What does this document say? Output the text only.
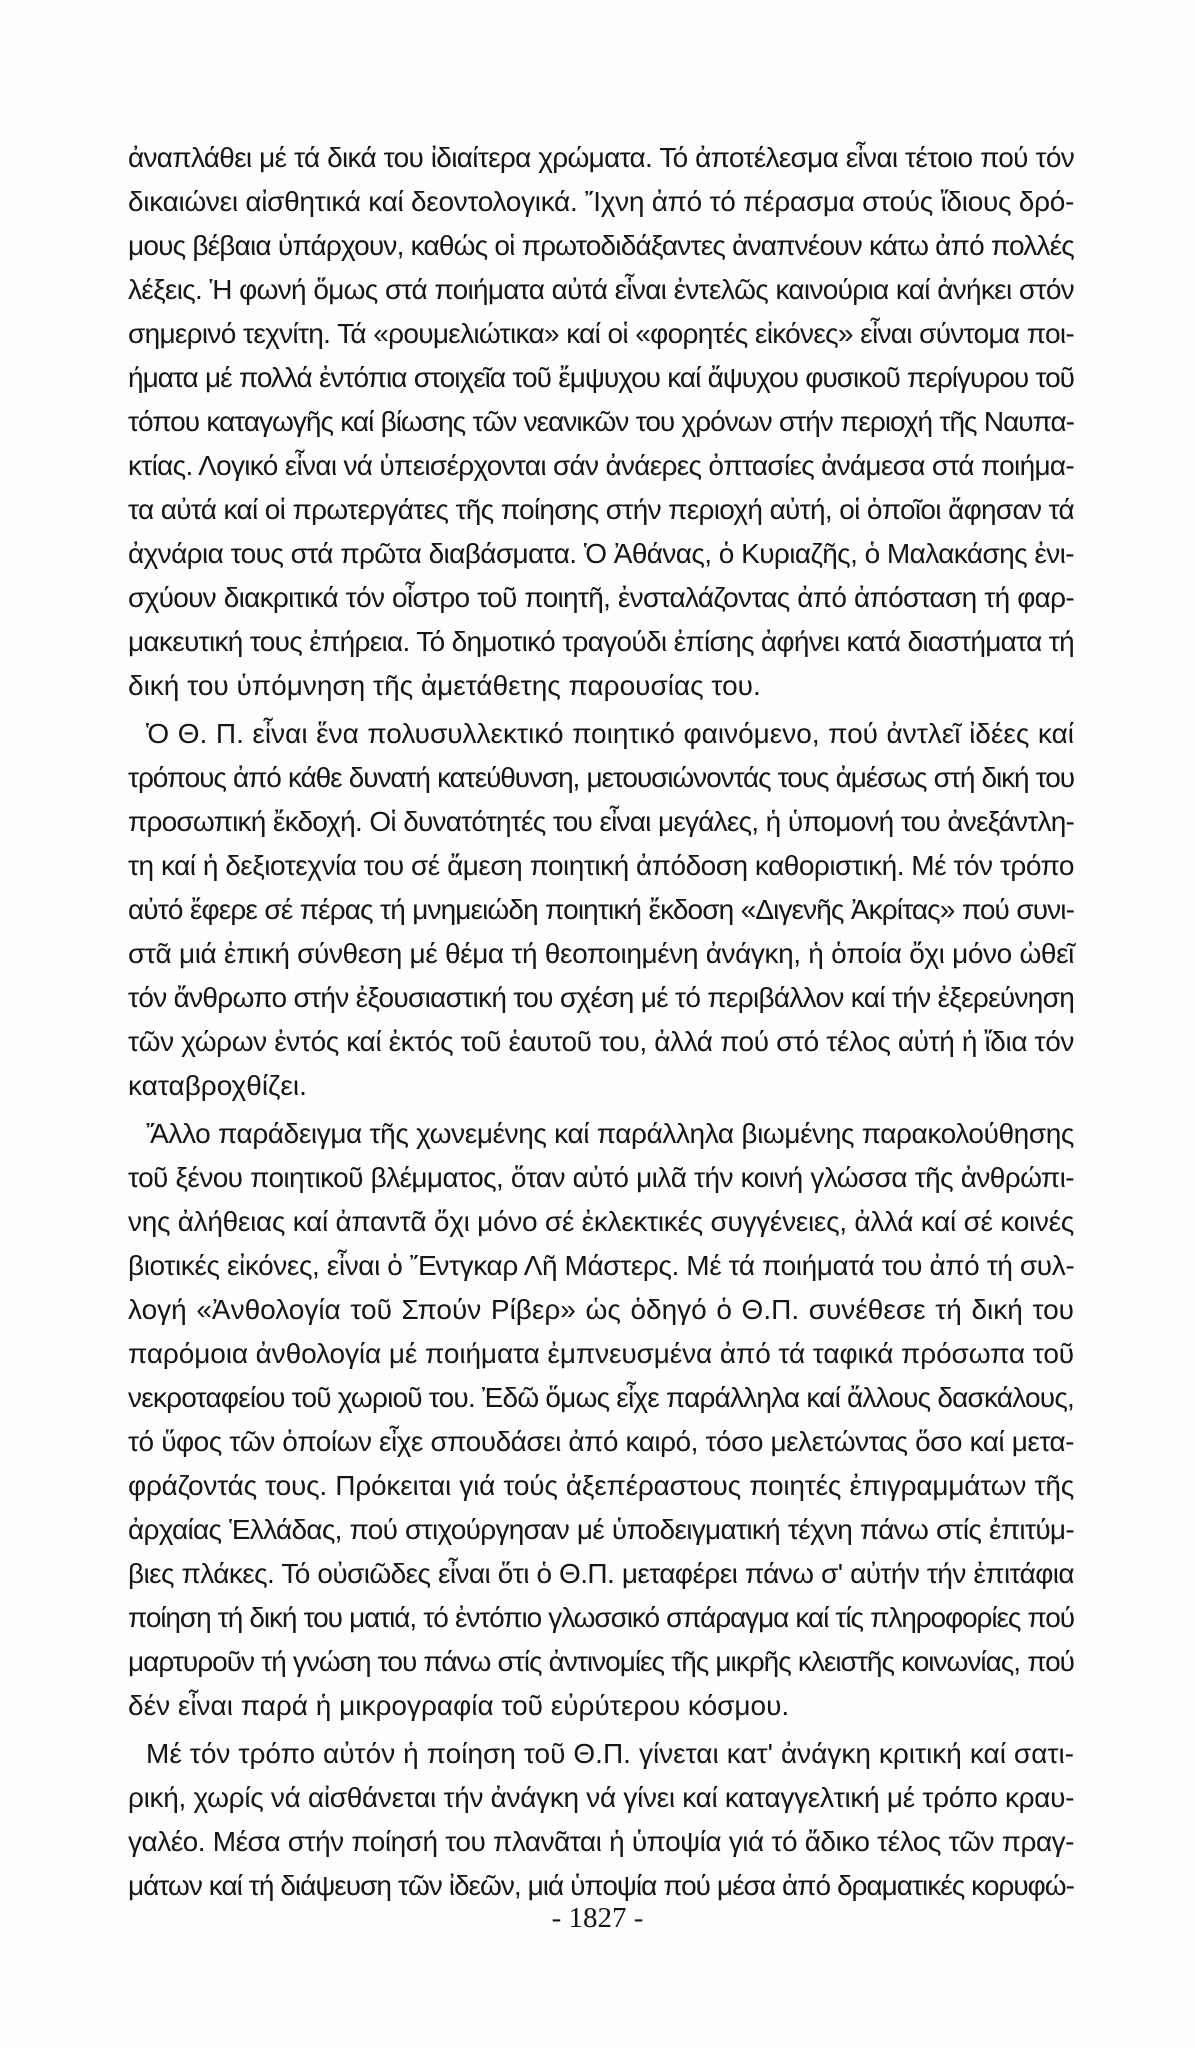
ἀναπλάθει μέ τά δικά του ἰδιαίτερα χρώματα. Τό ἀποτέλεσμα εἶναι τέτοιο πού τόν
δικαιώνει αἰσθητικά καί δεοντολογικά. Ἴχνη ἀπό τό πέρασμα στούς ἴδιους δρό-
μους βέβαια ὑπάρχουν, καθώς οἱ πρωτοδιδάξαντες ἀναπνέουν κάτω ἀπό πολλές
λέξεις. Ἡ φωνή ὅμως στά ποιήματα αὐτά εἶναι ἐντελῶς καινούρια καί ἀνήκει στόν
σημερινό τεχνίτη. Τά «ρουμελιώτικα» καί οἱ «φορητές εἰκόνες» εἶναι σύντομα ποι-
ήματα μέ πολλά ἐντόπια στοιχεῖα τοῦ ἔμψυχου καί ἄψυχου φυσικοῦ περίγυρου τοῦ
τόπου καταγωγῆς καί βίωσης τῶν νεανικῶν του χρόνων στήν περιοχή τῆς Ναυπα-
κτίας. Λογικό εἶναι νά ὑπεισέρχονται σάν ἀνάερες ὀπτασίες ἀνάμεσα στά ποιήμα-
τα αὐτά καί οἱ πρωτεργάτες τῆς ποίησης στήν περιοχή αὐτή, οἱ ὁποῖοι ἄφησαν τά
ἀχνάρια τους στά πρῶτα διαβάσματα. Ὁ Ἀθάνας, ὁ Κυριαζῆς, ὁ Μαλακάσης ἐνι-
σχύουν διακριτικά τόν οἶστρο τοῦ ποιητῆ, ἐνσταλάζοντας ἀπό ἀπόσταση τή φαρ-
μακευτική τους ἐπήρεια. Τό δημοτικό τραγούδι ἐπίσης ἀφήνει κατά διαστήματα τή
δική του ὑπόμνηση τῆς ἀμετάθετης παρουσίας του.
Ὁ Θ. Π. εἶναι ἕνα πολυσυλλεκτικό ποιητικό φαινόμενο, πού ἀντλεῖ ἰδέες καί
τρόπους ἀπό κάθε δυνατή κατεύθυνση, μετουσιώνοντάς τους ἀμέσως στή δική του
προσωπική ἔκδοχή. Οἱ δυνατότητές του εἶναι μεγάλες, ἡ ὑπομονή του ἀνεξάντλη-
τη καί ἡ δεξιοτεχνία του σέ ἄμεση ποιητική ἀπόδοση καθοριστική. Μέ τόν τρόπο
αὐτό ἔφερε σέ πέρας τή μνημειώδη ποιητική ἔκδοση «Διγενῆς Ἀκρίτας» πού συνι-
στᾶ μιά ἐπική σύνθεση μέ θέμα τή θεοποιημένη ἀνάγκη, ἡ ὁποία ὄχι μόνο ὠθεῖ
τόν ἄνθρωπο στήν ἐξουσιαστική του σχέση μέ τό περιβάλλον καί τήν ἐξερεύνηση
τῶν χώρων ἐντός καί ἐκτός τοῦ ἑαυτοῦ του, ἀλλά πού στό τέλος αὐτή ἡ ἴδια τόν
καταβροχθίζει.
Ἄλλο παράδειγμα τῆς χωνεμένης καί παράλληλα βιωμένης παρακολούθησης
τοῦ ξένου ποιητικοῦ βλέμματος, ὅταν αὐτό μιλᾶ τήν κοινή γλώσσα τῆς ἀνθρώπι-
νης ἀλήθειας καί ἀπαντᾶ ὄχι μόνο σέ ἐκλεκτικές συγγένειες, ἀλλά καί σέ κοινές
βιοτικές εἰκόνες, εἶναι ὁ Ἔντγκαρ Λῆ Μάστερς. Μέ τά ποιήματά του ἀπό τή συλ-
λογή «Ἀνθολογία τοῦ Σπούν Ρίβερ» ὡς ὁδηγό ὁ Θ.Π. συνέθεσε τή δική του
παρόμοια ἀνθολογία μέ ποιήματα ἐμπνευσμένα ἀπό τά ταφικά πρόσωπα τοῦ
νεκροταφείου τοῦ χωριοῦ του. Ἐδῶ ὅμως εἶχε παράλληλα καί ἄλλους δασκάλους,
τό ὕφος τῶν ὁποίων εἶχε σπουδάσει ἀπό καιρό, τόσο μελετώντας ὅσο καί μετα-
φράζοντάς τους. Πρόκειται γιά τούς ἀξεπέραστους ποιητές ἐπιγραμμάτων τῆς
ἀρχαίας Ἑλλάδας, πού στιχούργησαν μέ ὑποδειγματική τέχνη πάνω στίς ἐπιτύμ-
βιες πλάκες. Τό οὐσιῶδες εἶναι ὅτι ὁ Θ.Π. μεταφέρει πάνω σ' αὐτήν τήν ἐπιτάφια
ποίηση τή δική του ματιά, τό ἐντόπιο γλωσσικό σπάραγμα καί τίς πληροφορίες πού
μαρτυροῦν τή γνώση του πάνω στίς ἀντινομίες τῆς μικρῆς κλειστῆς κοινωνίας, πού
δέν εἶναι παρά ἡ μικρογραφία τοῦ εὐρύτερου κόσμου.
Μέ τόν τρόπο αὐτόν ἡ ποίηση τοῦ Θ.Π. γίνεται κατ' ἀνάγκη κριτική καί σατι-
ρική, χωρίς νά αἰσθάνεται τήν ἀνάγκη νά γίνει καί καταγγελτική μέ τρόπο κραυ-
γαλέο. Μέσα στήν ποίησή του πλανᾶται ἡ ὑποψία γιά τό ἄδικο τέλος τῶν πραγ-
μάτων καί τή διάψευση τῶν ἰδεῶν, μιά ὑποψία πού μέσα ἀπό δραματικές κορυφώ-
- 1827 -
